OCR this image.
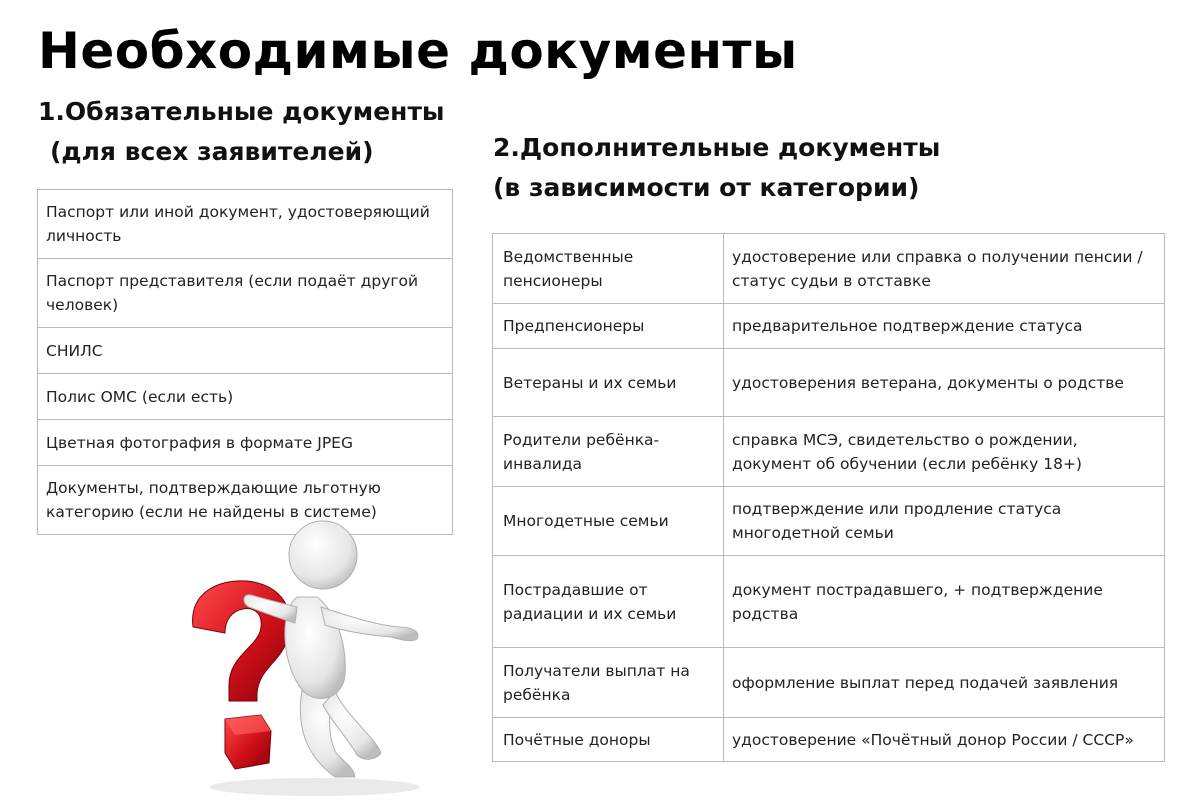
Необходимые документы
1.Обязательные документы
(для всех заявителей)
Паспорт или иной документ, удостоверяющий личность
Паспорт представителя (если подаёт другой человек)
СНИЛС
Полис ОМС (если есть)
Цветная фотография в формате JPEG
Документы, подтверждающие льготную категорию (если не найдены в системе)
2.Дополнительные документы
(в зависимости от категории)
Ведомственные пенсионеры	удостоверение или справка о получении пенсии / статус судьи в отставке
Предпенсионеры	предварительное подтверждение статуса
Ветераны и их семьи	удостоверения ветерана, документы о родстве
Родители ребёнка-инвалида	справка МСЭ, свидетельство о рождении, документ об обучении (если ребёнку 18+)
Многодетные семьи	подтверждение или продление статуса многодетной семьи
Пострадавшие от радиации и их семьи	документ пострадавшего, + подтверждение родства
Получатели выплат на ребёнка	оформление выплат перед подачей заявления
Почётные доноры	удостоверение «Почётный донор России / СССР»
